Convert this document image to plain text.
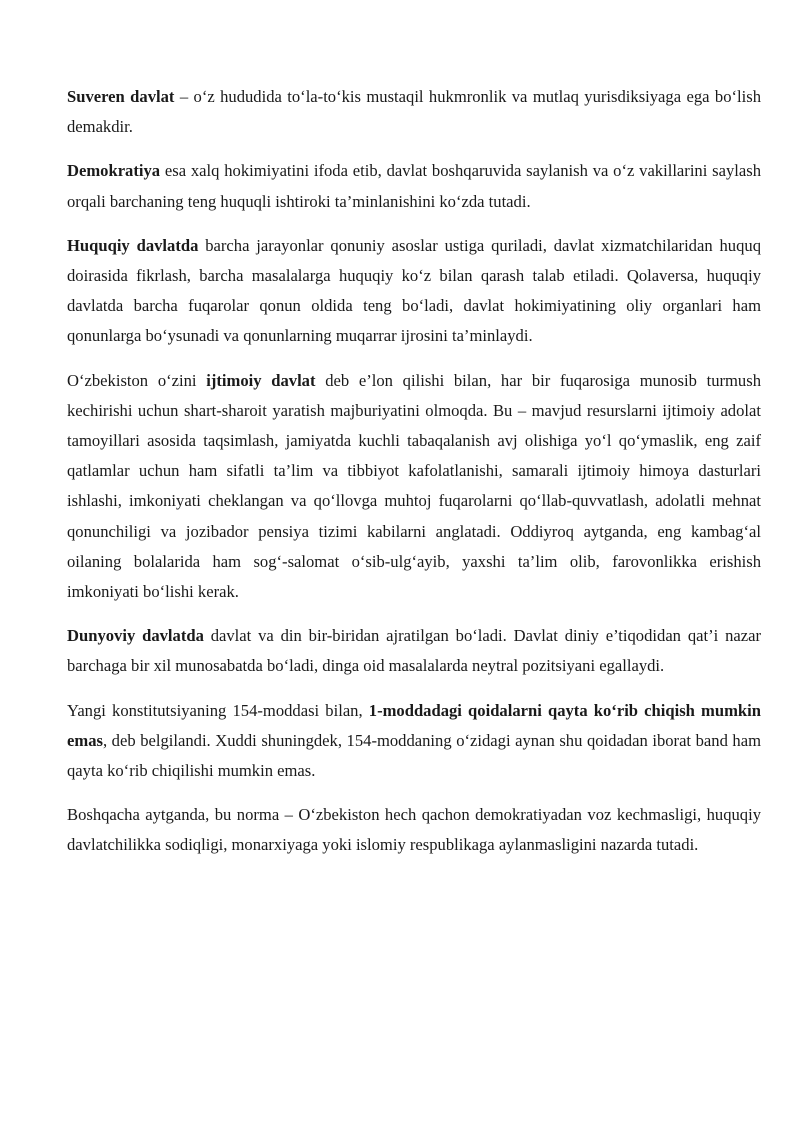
Suveren davlat – o‘z hududida to‘la-to‘kis mustaqil hukmronlik va mutlaq yurisdiksiyaga ega bo‘lish demakdir.

Demokratiya esa xalq hokimiyatini ifoda etib, davlat boshqaruvida saylanish va o‘z vakillarini saylash orqali barchaning teng huquqli ishtiroki ta’minlanishini ko‘zda tutadi.

Huquqiy davlatda barcha jarayonlar qonuniy asoslar ustiga quriladi, davlat xizmatchilaridan huquq doirasida fikrlash, barcha masalalarga huquqiy ko‘z bilan qarash talab etiladi. Qolaversa, huquqiy davlatda barcha fuqarolar qonun oldida teng bo‘ladi, davlat hokimiyatining oliy organlari ham qonunlarga bo‘ysunadi va qonunlarning muqarrar ijrosini ta’minlaydi.

O‘zbekiston o‘zini ijtimoiy davlat deb e’lon qilishi bilan, har bir fuqarosiga munosib turmush kechirishi uchun shart-sharoit yaratish majburiyatini olmoqda. Bu – mavjud resurslarni ijtimoiy adolat tamoyillari asosida taqsimlash, jamiyatda kuchli tabaqalanish avj olishiga yo‘l qo‘ymaslik, eng zaif qatlamlar uchun ham sifatli ta’lim va tibbiyot kafolatlanishi, samarali ijtimoiy himoya dasturlari ishlashi, imkoniyati cheklangan va qo‘llovga muhtoj fuqarolarni qo‘llab-quvvatlash, adolatli mehnat qonunchiligi va jozibador pensiya tizimi kabilarni anglatadi. Oddiyroq aytganda, eng kambag‘al oilaning bolalarida ham sog‘-salomat o‘sib-ulg‘ayib, yaxshi ta’lim olib, farovonlikka erishish imkoniyati bo‘lishi kerak.

Dunyoviy davlatda davlat va din bir-biridan ajratilgan bo‘ladi. Davlat diniy e’tiqodidan qat’i nazar barchaga bir xil munosabatda bo‘ladi, dinga oid masalalarda neytral pozitsiyani egallaydi.

Yangi konstitutsiyaning 154-moddasi bilan, 1-moddadagi qoidalarni qayta ko‘rib chiqish mumkin emas, deb belgilandi. Xuddi shuningdek, 154-moddaning o‘zidagi aynan shu qoidadan iborat band ham qayta ko‘rib chiqilishi mumkin emas.

Boshqacha aytganda, bu norma – O‘zbekiston hech qachon demokratiyadan voz kechmasligi, huquqiy davlatchilikka sodiqligi, monarxiyaga yoki islomiy respublikaga aylanmasligini nazarda tutadi.
